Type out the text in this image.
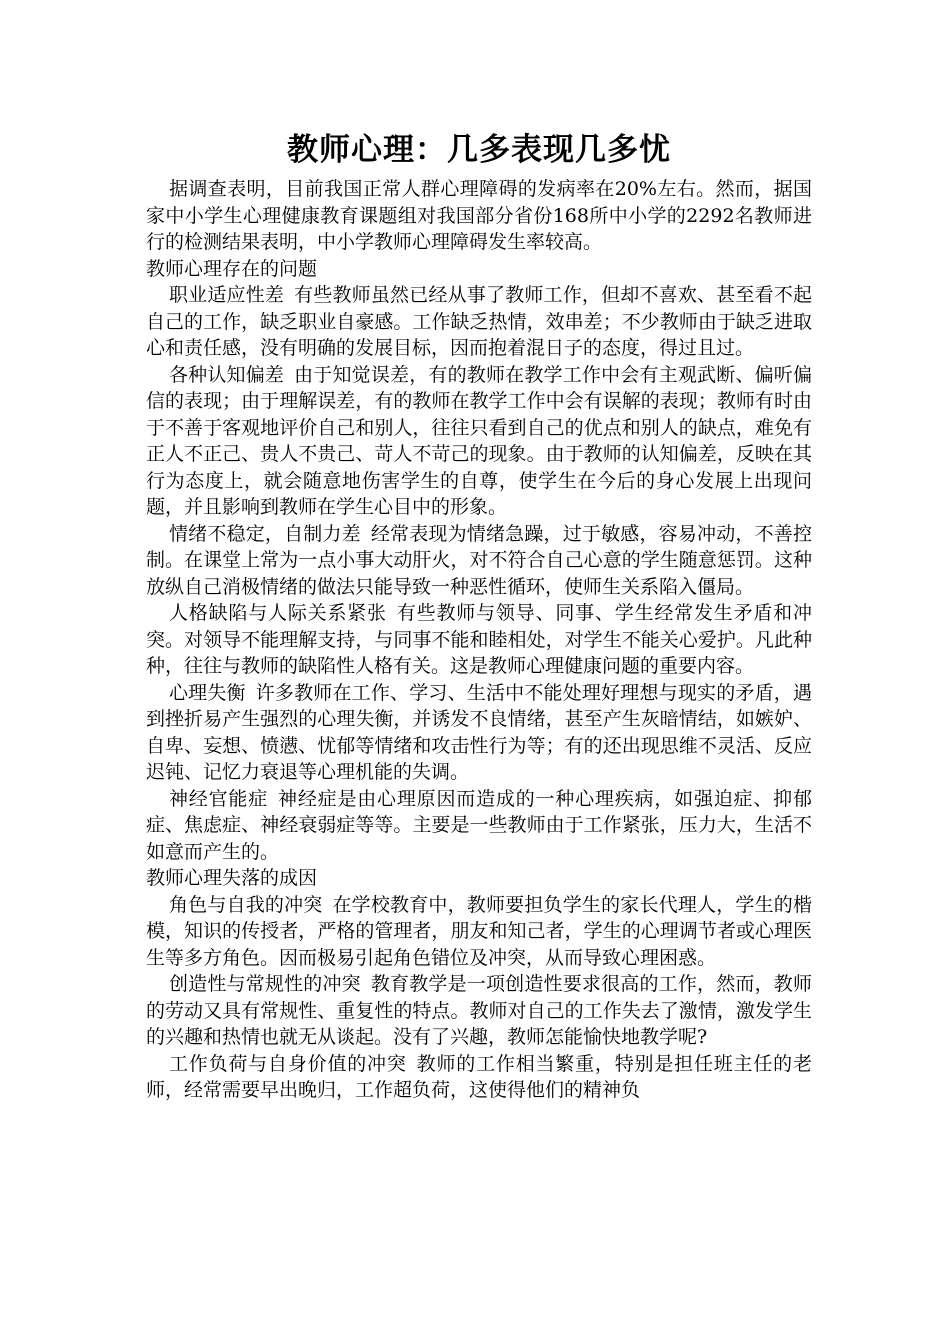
教师心理：几多表现几多忧

据调查表明，目前我国正常人群心理障碍的发病率在20%左右。然而，据国家中小学生心理健康教育课题组对我国部分省份168所中小学的2292名教师进行的检测结果表明，中小学教师心理障碍发生率较高。

教师心理存在的问题

职业适应性差 有些教师虽然已经从事了教师工作，但却不喜欢、甚至看不起自己的工作，缺乏职业自豪感。工作缺乏热情，效串差；不少教师由于缺乏进取心和责任感，没有明确的发展目标，因而抱着混日子的态度，得过且过。

各种认知偏差 由于知觉误差，有的教师在教学工作中会有主观武断、偏听偏信的表现；由于理解误差，有的教师在教学工作中会有误解的表现；教师有时由于不善于客观地评价自己和别人，往往只看到自己的优点和别人的缺点，难免有正人不正己、贵人不贵己、苛人不苛己的现象。由于教师的认知偏差，反映在其行为态度上，就会随意地伤害学生的自尊，使学生在今后的身心发展上出现问题，并且影响到教师在学生心目中的形象。

情绪不稳定，自制力差 经常表现为情绪急躁，过于敏感，容易冲动，不善控制。在课堂上常为一点小事大动肝火，对不符合自己心意的学生随意惩罚。这种放纵自己消极情绪的做法只能导致一种恶性循环，使师生关系陷入僵局。

人格缺陷与人际关系紧张 有些教师与领导、同事、学生经常发生矛盾和冲突。对领导不能理解支持，与同事不能和睦相处，对学生不能关心爱护。凡此种种，往往与教师的缺陷性人格有关。这是教师心理健康问题的重要内容。

心理失衡 许多教师在工作、学习、生活中不能处理好理想与现实的矛盾，遇到挫折易产生强烈的心理失衡，并诱发不良情绪，甚至产生灰暗情结，如嫉妒、自卑、妄想、愤懑、忧郁等情绪和攻击性行为等；有的还出现思维不灵活、反应迟钝、记忆力衰退等心理机能的失调。

神经官能症 神经症是由心理原因而造成的一种心理疾病，如强迫症、抑郁症、焦虑症、神经衰弱症等等。主要是一些教师由于工作紧张，压力大，生活不如意而产生的。

教师心理失落的成因

角色与自我的冲突 在学校教育中，教师要担负学生的家长代理人，学生的楷模，知识的传授者，严格的管理者，朋友和知己者，学生的心理调节者或心理医生等多方角色。因而极易引起角色错位及冲突，从而导致心理困惑。

创造性与常规性的冲突 教育教学是一项创造性要求很高的工作，然而，教师的劳动又具有常规性、重复性的特点。教师对自己的工作失去了激情，激发学生的兴趣和热情也就无从谈起。没有了兴趣，教师怎能愉快地教学呢?

工作负荷与自身价值的冲突 教师的工作相当繁重，特别是担任班主任的老师，经常需要早出晚归，工作超负荷，这使得他们的精神负
